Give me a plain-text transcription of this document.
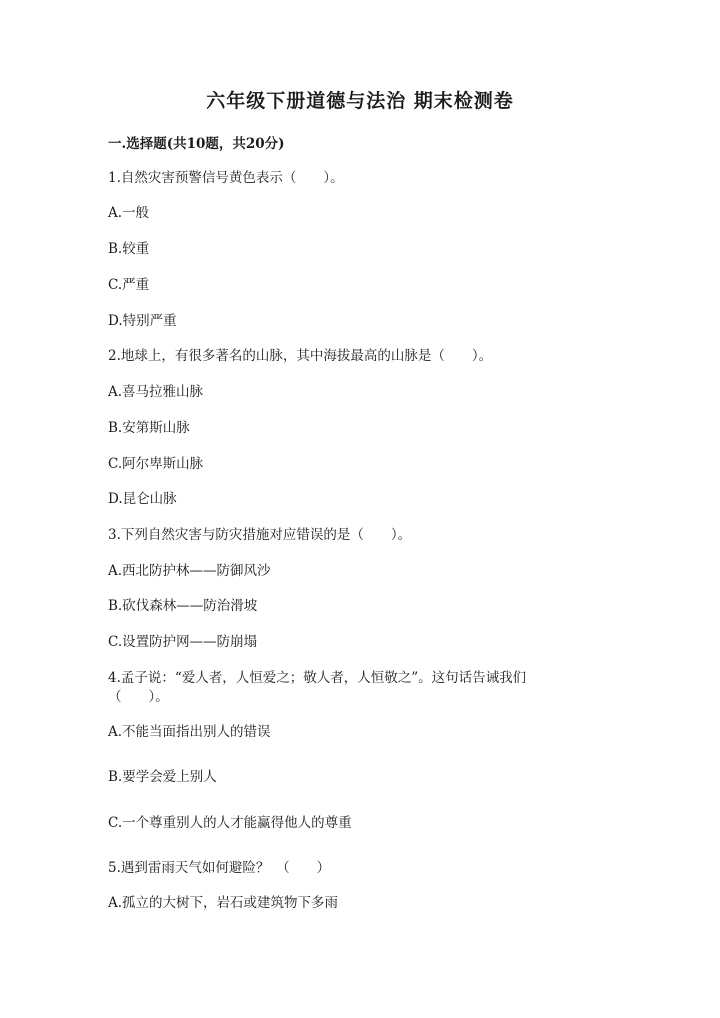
六年级下册道德与法治 期末检测卷
一.选择题(共10题，共20分)
1.自然灾害预警信号黄色表示（　　）。
A.一般
B.较重
C.严重
D.特别严重
2.地球上，有很多著名的山脉，其中海拔最高的山脉是（　　）。
A.喜马拉雅山脉
B.安第斯山脉
C.阿尔卑斯山脉
D.昆仑山脉
3.下列自然灾害与防灾措施对应错误的是（　　）。
A.西北防护林——防御风沙
B.砍伐森林——防治滑坡
C.设置防护网——防崩塌
4.孟子说：“爱人者，人恒爱之；敬人者，人恒敬之”。这句话告诫我们
（　　）。
A.不能当面指出别人的错误
B.要学会爱上别人
C.一个尊重别人的人才能赢得他人的尊重
5.遇到雷雨天气如何避险？　（　　）
A.孤立的大树下，岩石或建筑物下多雨
